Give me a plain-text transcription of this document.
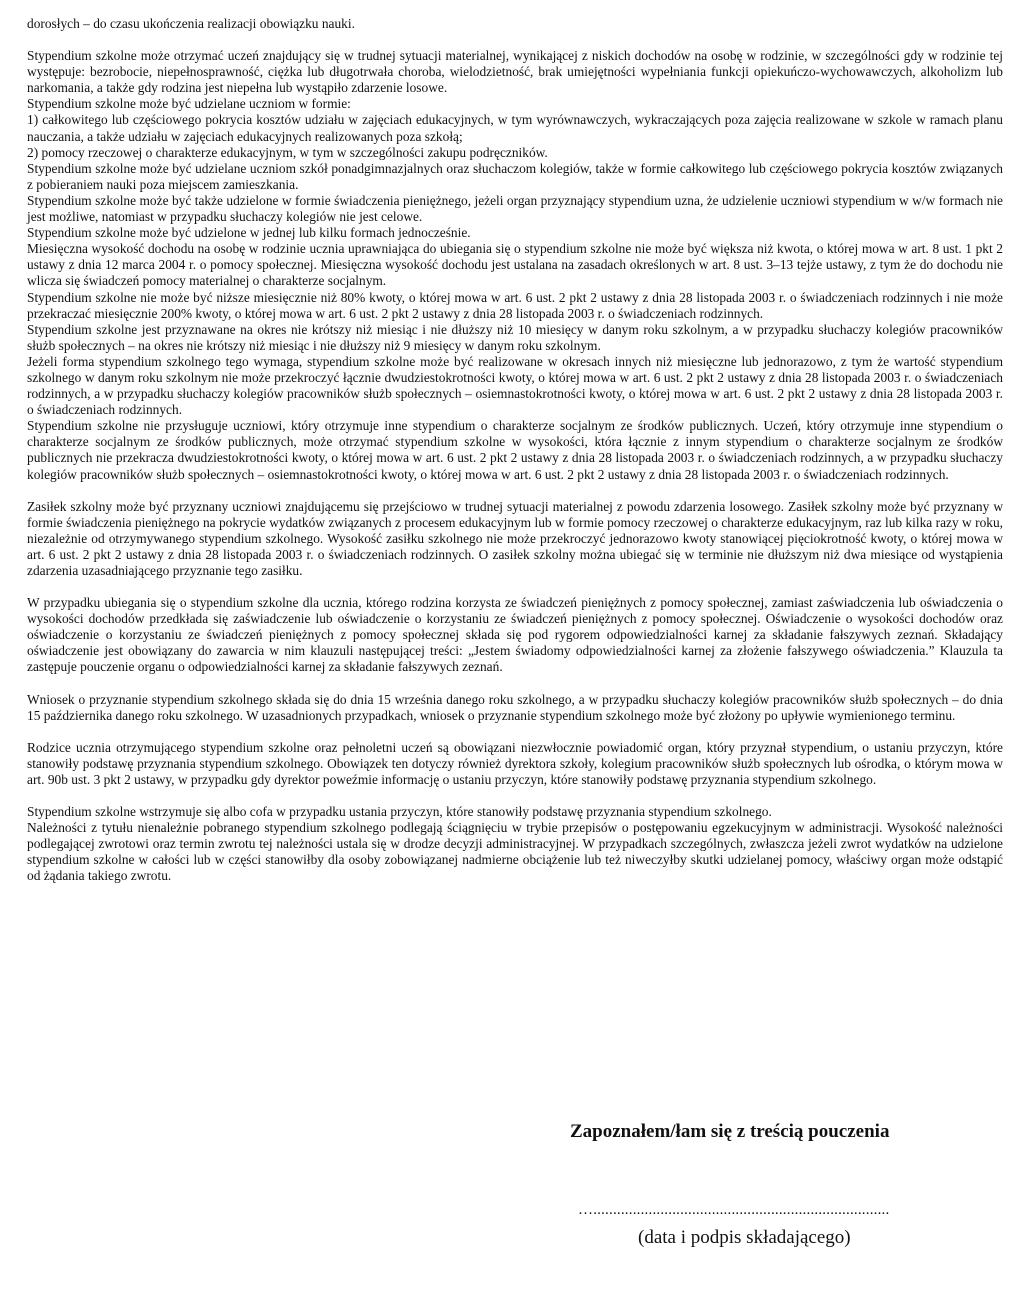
dorosłych – do czasu ukończenia realizacji obowiązku nauki.

Stypendium szkolne może otrzymać uczeń znajdujący się w trudnej sytuacji materialnej, wynikającej z niskich dochodów na osobę w rodzinie, w szczególności gdy w rodzinie tej występuje: bezrobocie, niepełnosprawność, ciężka lub długotrwała choroba, wielodzietność, brak umiejętności wypełniania funkcji opiekuńczo-wychowawczych, alkoholizm lub narkomania, a także gdy rodzina jest niepełna lub wystąpiło zdarzenie losowe.

Stypendium szkolne może być udzielane uczniom w formie:

1) całkowitego lub częściowego pokrycia kosztów udziału w zajęciach edukacyjnych, w tym wyrównawczych, wykraczających poza zajęcia realizowane w szkole w ramach planu nauczania, a także udziału w zajęciach edukacyjnych realizowanych poza szkołą;

2) pomocy rzeczowej o charakterze edukacyjnym, w tym w szczególności zakupu podręczników.

Stypendium szkolne może być udzielane uczniom szkół ponadgimnazjalnych oraz słuchaczom kolegiów, także w formie całkowitego lub częściowego pokrycia kosztów związanych z pobieraniem nauki poza miejscem zamieszkania.

Stypendium szkolne może być także udzielone w formie świadczenia pieniężnego, jeżeli organ przyznający stypendium uzna, że udzielenie uczniowi stypendium w w/w formach nie jest możliwe, natomiast w przypadku słuchaczy kolegiów nie jest celowe.

Stypendium szkolne może być udzielone w jednej lub kilku formach jednocześnie.

Miesięczna wysokość dochodu na osobę w rodzinie ucznia uprawniająca do ubiegania się o stypendium szkolne nie może być większa niż kwota, o której mowa w art. 8 ust. 1 pkt 2 ustawy z dnia 12 marca 2004 r. o pomocy społecznej. Miesięczna wysokość dochodu jest ustalana na zasadach określonych w art. 8 ust. 3–13 tejże ustawy, z tym że do dochodu nie wlicza się świadczeń pomocy materialnej o charakterze socjalnym.

Stypendium szkolne nie może być niższe miesięcznie niż 80% kwoty, o której mowa w art. 6 ust. 2 pkt 2 ustawy z dnia 28 listopada 2003 r. o świadczeniach rodzinnych i nie może przekraczać miesięcznie 200% kwoty, o której mowa w art. 6 ust. 2 pkt 2 ustawy z dnia 28 listopada 2003 r. o świadczeniach rodzinnych.

Stypendium szkolne jest przyznawane na okres nie krótszy niż miesiąc i nie dłuższy niż 10 miesięcy w danym roku szkolnym, a w przypadku słuchaczy kolegiów pracowników służb społecznych – na okres nie krótszy niż miesiąc i nie dłuższy niż 9 miesięcy w danym roku szkolnym.

Jeżeli forma stypendium szkolnego tego wymaga, stypendium szkolne może być realizowane w okresach innych niż miesięczne lub jednorazowo, z tym że wartość stypendium szkolnego w danym roku szkolnym nie może przekroczyć łącznie dwudziestokrotności kwoty, o której mowa w art. 6 ust. 2 pkt 2 ustawy z dnia 28 listopada 2003 r. o świadczeniach rodzinnych, a w przypadku słuchaczy kolegiów pracowników służb społecznych – osiemnastokrotności kwoty, o której mowa w art. 6 ust. 2 pkt 2 ustawy z dnia 28 listopada 2003 r. o świadczeniach rodzinnych.

Stypendium szkolne nie przysługuje uczniowi, który otrzymuje inne stypendium o charakterze socjalnym ze środków publicznych. Uczeń, który otrzymuje inne stypendium o charakterze socjalnym ze środków publicznych, może otrzymać stypendium szkolne w wysokości, która łącznie z innym stypendium o charakterze socjalnym ze środków publicznych nie przekracza dwudziestokrotności kwoty, o której mowa w art. 6 ust. 2 pkt 2 ustawy z dnia 28 listopada 2003 r. o świadczeniach rodzinnych, a w przypadku słuchaczy kolegiów pracowników służb społecznych – osiemnastokrotności kwoty, o której mowa w art. 6 ust. 2 pkt 2 ustawy z dnia 28 listopada 2003 r. o świadczeniach rodzinnych.

Zasiłek szkolny może być przyznany uczniowi znajdującemu się przejściowo w trudnej sytuacji materialnej z powodu zdarzenia losowego. Zasiłek szkolny może być przyznany w formie świadczenia pieniężnego na pokrycie wydatków związanych z procesem edukacyjnym lub w formie pomocy rzeczowej o charakterze edukacyjnym, raz lub kilka razy w roku, niezależnie od otrzymywanego stypendium szkolnego. Wysokość zasiłku szkolnego nie może przekroczyć jednorazowo kwoty stanowiącej pięciokrotność kwoty, o której mowa w art. 6 ust. 2 pkt 2 ustawy z dnia 28 listopada 2003 r. o świadczeniach rodzinnych. O zasiłek szkolny można ubiegać się w terminie nie dłuższym niż dwa miesiące od wystąpienia zdarzenia uzasadniającego przyznanie tego zasiłku.

W przypadku ubiegania się o stypendium szkolne dla ucznia, którego rodzina korzysta ze świadczeń pieniężnych z pomocy społecznej, zamiast zaświadczenia lub oświadczenia o wysokości dochodów przedkłada się zaświadczenie lub oświadczenie o korzystaniu ze świadczeń pieniężnych z pomocy społecznej. Oświadczenie o wysokości dochodów oraz oświadczenie o korzystaniu ze świadczeń pieniężnych z pomocy społecznej składa się pod rygorem odpowiedzialności karnej za składanie fałszywych zeznań. Składający oświadczenie jest obowiązany do zawarcia w nim klauzuli następującej treści: „Jestem świadomy odpowiedzialności karnej za złożenie fałszywego oświadczenia.” Klauzula ta zastępuje pouczenie organu o odpowiedzialności karnej za składanie fałszywych zeznań.

Wniosek o przyznanie stypendium szkolnego składa się do dnia 15 września danego roku szkolnego, a w przypadku słuchaczy kolegiów pracowników służb społecznych – do dnia 15 października danego roku szkolnego. W uzasadnionych przypadkach, wniosek o przyznanie stypendium szkolnego może być złożony po upływie wymienionego terminu.

Rodzice ucznia otrzymującego stypendium szkolne oraz pełnoletni uczeń są obowiązani niezwłocznie powiadomić organ, który przyznał stypendium, o ustaniu przyczyn, które stanowiły podstawę przyznania stypendium szkolnego. Obowiązek ten dotyczy również dyrektora szkoły, kolegium pracowników służb społecznych lub ośrodka, o którym mowa w art. 90b ust. 3 pkt 2 ustawy, w przypadku gdy dyrektor poweźmie informację o ustaniu przyczyn, które stanowiły podstawę przyznania stypendium szkolnego.

Stypendium szkolne wstrzymuje się albo cofa w przypadku ustania przyczyn, które stanowiły podstawę przyznania stypendium szkolnego.

Należności z tytułu nienależnie pobranego stypendium szkolnego podlegają ściągnięciu w trybie przepisów o postępowaniu egzekucyjnym w administracji. Wysokość należności podlegającej zwrotowi oraz termin zwrotu tej należności ustala się w drodze decyzji administracyjnej. W przypadkach szczególnych, zwłaszcza jeżeli zwrot wydatków na udzielone stypendium szkolne w całości lub w części stanowiłby dla osoby zobowiązanej nadmierne obciążenie lub też niweczyłby skutki udzielanej pomocy, właściwy organ może odstąpić od żądania takiego zwrotu.

Zapoznałem/łam się z treścią pouczenia
…...........................................................................
(data i podpis składającego)
